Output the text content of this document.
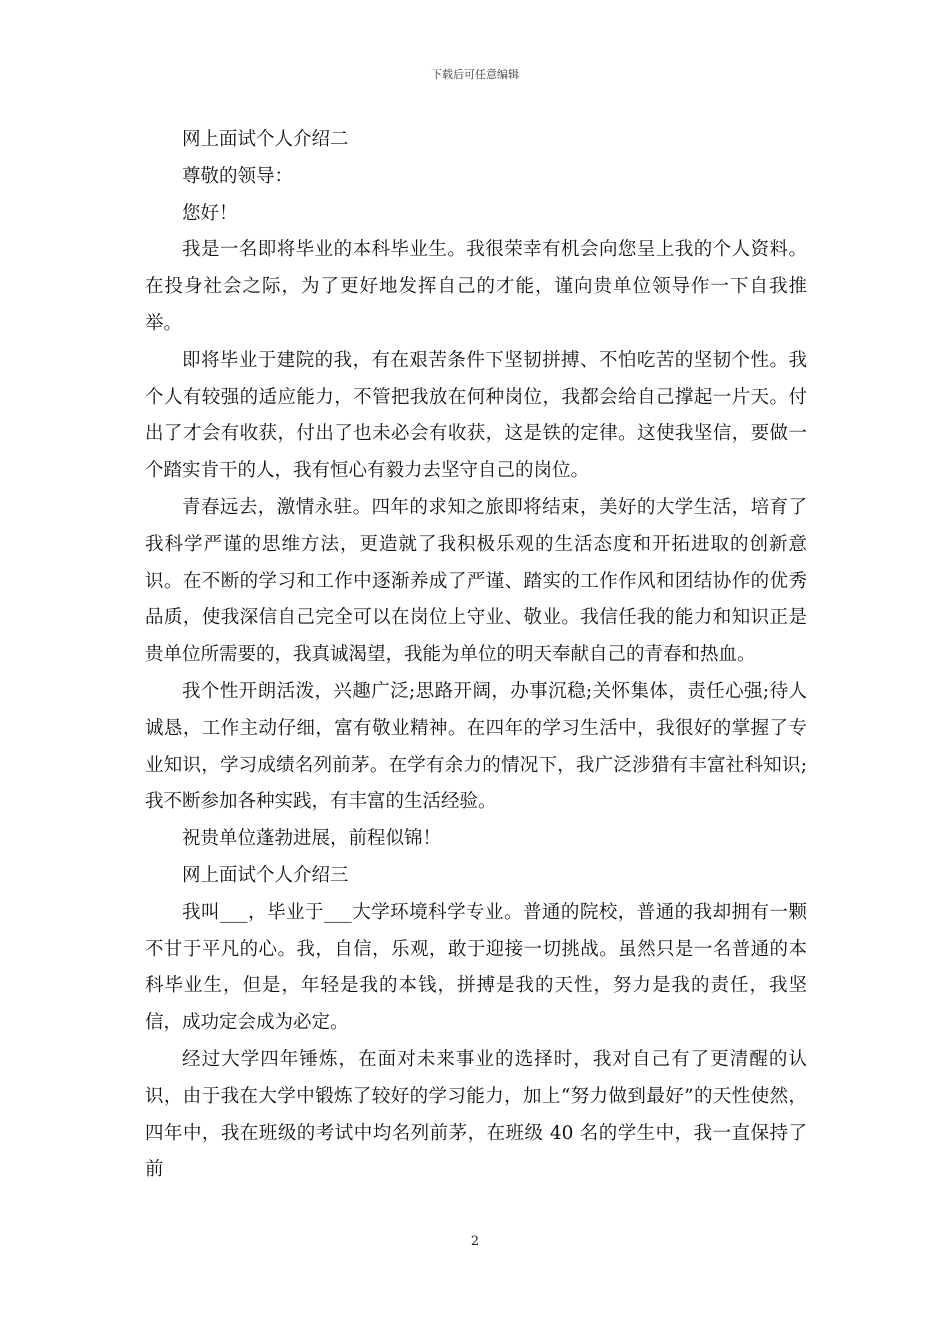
下载后可任意编辑

网上面试个人介绍二

尊敬的领导：

您好！

我是一名即将毕业的本科毕业生。我很荣幸有机会向您呈上我的个人资料。在投身社会之际，为了更好地发挥自己的才能，谨向贵单位领导作一下自我推举。

即将毕业于建院的我，有在艰苦条件下坚韧拼搏、不怕吃苦的坚韧个性。我个人有较强的适应能力，不管把我放在何种岗位，我都会给自己撑起一片天。付出了才会有收获，付出了也未必会有收获，这是铁的定律。这使我坚信，要做一个踏实肯干的人，我有恒心有毅力去坚守自己的岗位。

青春远去，激情永驻。四年的求知之旅即将结束，美好的大学生活，培育了我科学严谨的思维方法，更造就了我积极乐观的生活态度和开拓进取的创新意识。在不断的学习和工作中逐渐养成了严谨、踏实的工作作风和团结协作的优秀品质，使我深信自己完全可以在岗位上守业、敬业。我信任我的能力和知识正是贵单位所需要的，我真诚渴望，我能为单位的明天奉献自己的青春和热血。

我个性开朗活泼，兴趣广泛;思路开阔，办事沉稳;关怀集体，责任心强;待人诚恳，工作主动仔细，富有敬业精神。在四年的学习生活中，我很好的掌握了专业知识，学习成绩名列前茅。在学有余力的情况下，我广泛涉猎有丰富社科知识;我不断参加各种实践，有丰富的生活经验。

祝贵单位蓬勃进展，前程似锦！

网上面试个人介绍三

我叫___，毕业于___大学环境科学专业。普通的院校，普通的我却拥有一颗不甘于平凡的心。我，自信，乐观，敢于迎接一切挑战。虽然只是一名普通的本科毕业生，但是，年轻是我的本钱，拼搏是我的天性，努力是我的责任，我坚信，成功定会成为必定。

经过大学四年锤炼，在面对未来事业的选择时，我对自己有了更清醒的认识，由于我在大学中锻炼了较好的学习能力，加上“努力做到最好”的天性使然，四年中，我在班级的考试中均名列前茅，在班级 40 名的学生中，我一直保持了前

2
